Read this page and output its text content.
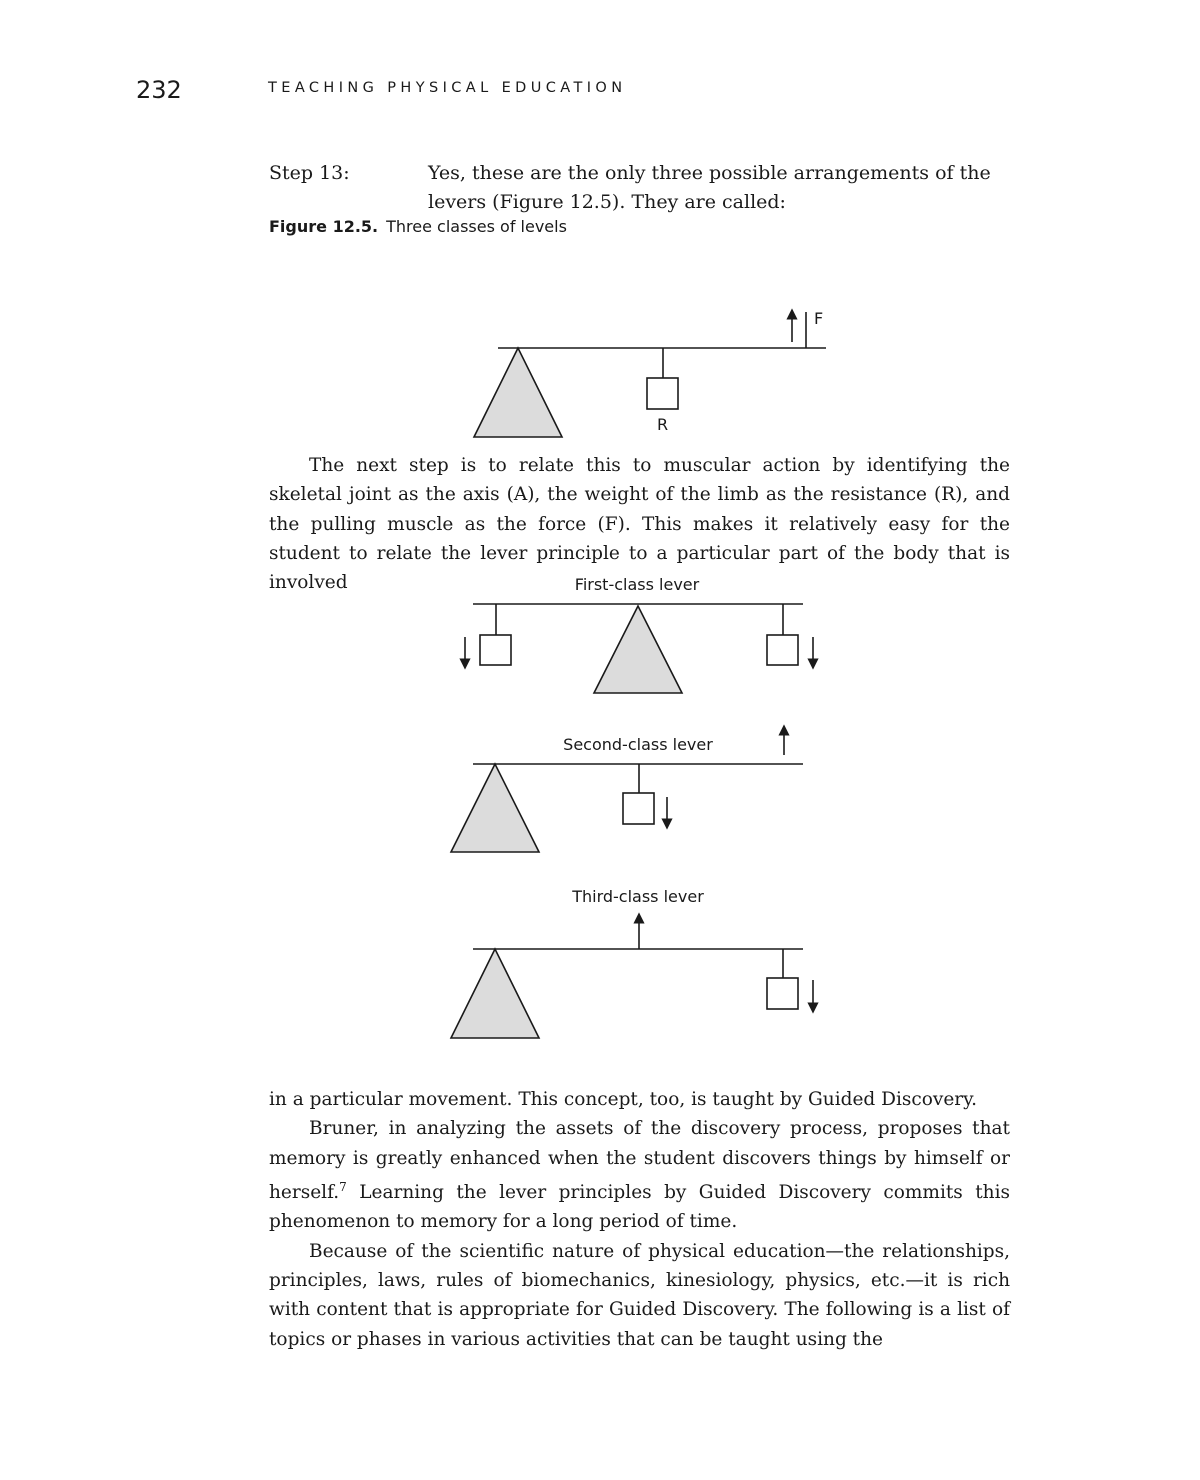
232	TEACHING PHYSICAL EDUCATION
Step 13:	Yes, these are the only three possible arrangements of the levers (Figure 12.5). They are called:
Figure 12.5. Three classes of levels
F
R
First-class lever
Second-class lever
Third-class lever

The next step is to relate this to muscular action by identifying the skeletal joint as the axis (A), the weight of the limb as the resistance (R), and the pulling muscle as the force (F). This makes it relatively easy for the student to relate the lever principle to a particular part of the body that is involved

in a particular movement. This concept, too, is taught by Guided Discovery.

Bruner, in analyzing the assets of the discovery process, proposes that memory is greatly enhanced when the student discovers things by himself or herself.$^7$ Learning the lever principles by Guided Discovery commits this phenomenon to memory for a long period of time.

Because of the scientific nature of physical education—the relationships, principles, laws, rules of biomechanics, kinesiology, physics, etc.—it is rich with content that is appropriate for Guided Discovery. The following is a list of topics or phases in various activities that can be taught using the
